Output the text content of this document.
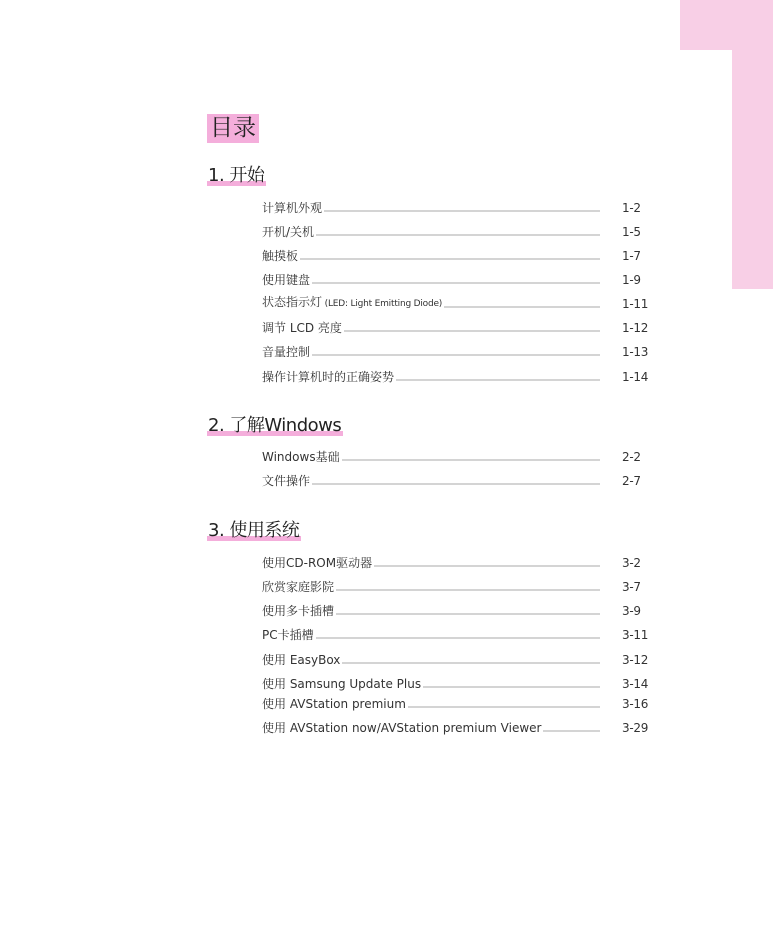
目录
1. 开始
计算机外观	1-2
开机/关机	1-5
触摸板	1-7
使用键盘	1-9
状态指示灯 (LED: Light Emitting Diode)	1-11
调节 LCD 亮度	1-12
音量控制	1-13
操作计算机时的正确姿势	1-14
2. 了解Windows
Windows基础	2-2
文件操作	2-7
3. 使用系统
使用CD-ROM驱动器	3-2
欣赏家庭影院	3-7
使用多卡插槽	3-9
PC卡插槽	3-11
使用 EasyBox	3-12
使用 Samsung Update Plus	3-14
使用 AVStation premium	3-16
使用 AVStation now/AVStation premium Viewer	3-29
